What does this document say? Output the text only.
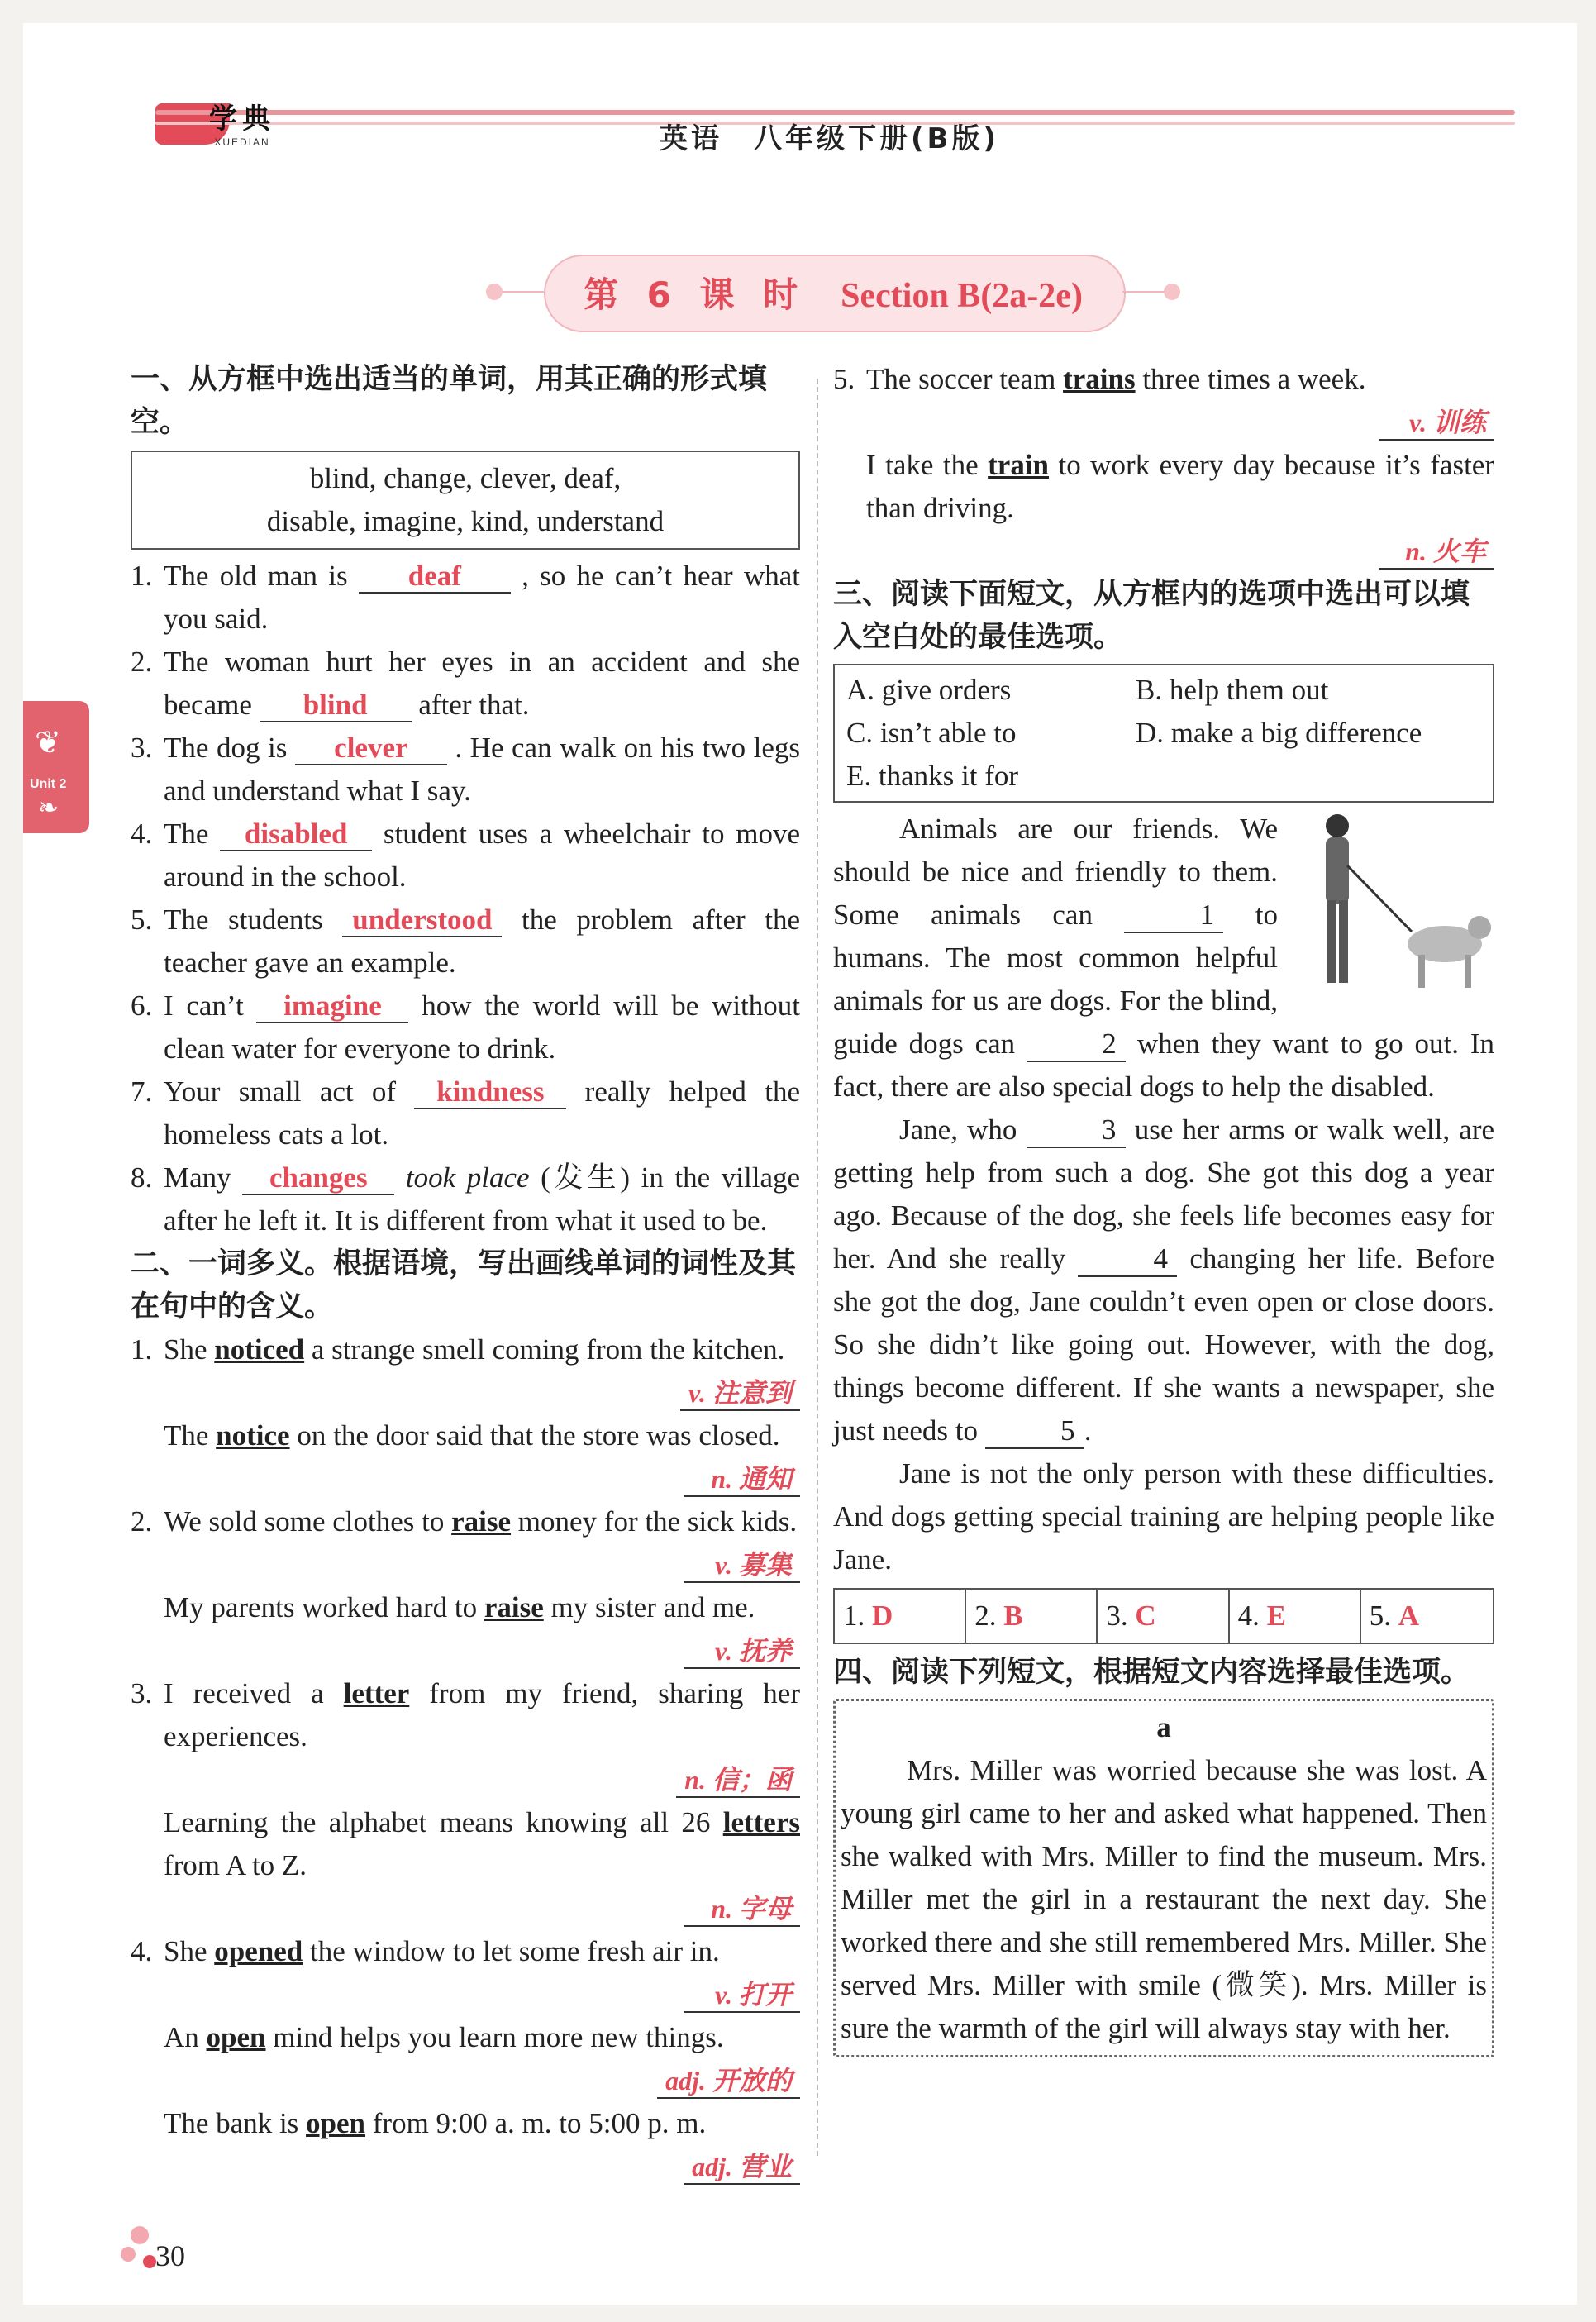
学典
XUEDIAN	英语　八年级下册(B版)
第 6 课 时 Section B(2a-2e)
❦
Unit 2
❧
一、从方框中选出适当的单词，用其正确的形式填空。
blind, change, clever, deaf,
disable, imagine, kind, understand
1. The old man is deaf , so he can’t hear what you said.
2. The woman hurt her eyes in an accident and she became blind after that.
3. The dog is clever . He can walk on his two legs and understand what I say.
4. The disabled student uses a wheelchair to move around in the school.
5. The students understood the problem after the teacher gave an example.
6. I can’t imagine how the world will be without clean water for everyone to drink.
7. Your small act of kindness really helped the homeless cats a lot.
8. Many changes took place (发生) in the village after he left it. It is different from what it used to be.
二、一词多义。根据语境，写出画线单词的词性及其在句中的含义。
1. She noticed a strange smell coming from the kitchen.
v. 注意到
The notice on the door said that the store was closed.
n. 通知
2. We sold some clothes to raise money for the sick kids.
v. 募集
My parents worked hard to raise my sister and me.
v. 抚养
3. I received a letter from my friend, sharing her experiences.
n. 信；函
Learning the alphabet means knowing all 26 letters from A to Z.
n. 字母
4. She opened the window to let some fresh air in.
v. 打开
An open mind helps you learn more new things.
adj. 开放的
The bank is open from 9:00 a. m. to 5:00 p. m.
adj. 营业
5. The soccer team trains three times a week.
v. 训练
I take the train to work every day because it’s faster than driving.
n. 火车
三、阅读下面短文，从方框内的选项中选出可以填入空白处的最佳选项。
A. give orders	B. help them out
C. isn’t able to	D. make a big difference
E. thanks it for

Animals are our friends. We should be nice and friendly to them. Some animals can	1 to humans. The most common helpful animals for us are dogs. For the blind, guide dogs can	2 when they want to go out. In fact, there are also special dogs to help the disabled.

Jane, who	3 use her arms or walk well, are getting help from such a dog. She got this dog a year ago. Because of the dog, she feels life becomes easy for her. And she really	4 changing her life. Before she got the dog, Jane couldn’t even open or close doors. So she didn’t like going out. However, with the dog, things become different. If she wants a newspaper, she just needs to	5 .

Jane is not the only person with these difficulties. And dogs getting special training are helping people like Jane.

1. D	2. B	3. C	4. E	5. A
四、阅读下列短文，根据短文内容选择最佳选项。
a

Mrs. Miller was worried because she was lost. A young girl came to her and asked what happened. Then she walked with Mrs. Miller to find the museum. Mrs. Miller met the girl in a restaurant the next day. She worked there and she still remembered Mrs. Miller. She served Mrs. Miller with smile (微笑). Mrs. Miller is sure the warmth of the girl will always stay with her.

30
